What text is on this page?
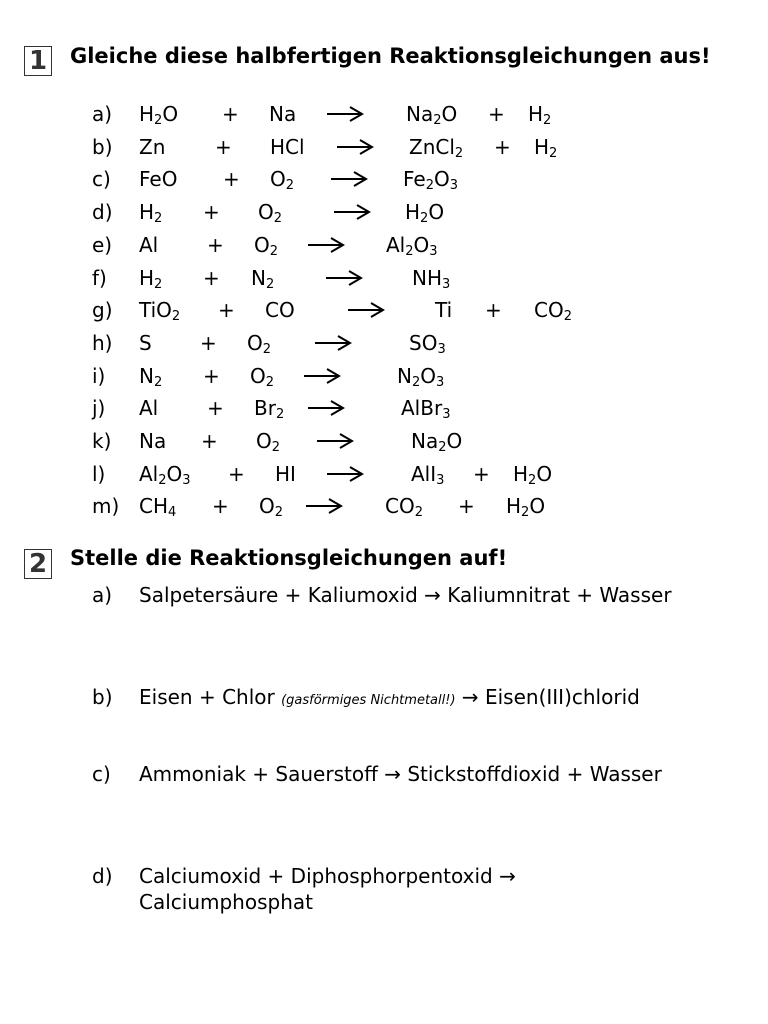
1 Gleiche diese halbfertigen Reaktionsgleichungen aus!
a) $H_2O + Na \to Na_2O + H_2$
b) Zn + HCl	ZnCl$_2$ + $H_2$
c) FeO + $O_2$	$Fe_2O_3$
d) $H_2 + O_2$	$H_2O$
e) $Al + O_2 \to Al_2O_3$
f) $H_2 + N_2$	$NH_3$
g) TiO$_2$ + CO	$Ti + CO_2$
h) $S + O_2$	$SO_3$
i) $N_2 + O_2$ →	$N_2O_3$
j) $Al + Br_2$ →	AlBr$_3$
k) $Na + O_2$	$Na_2O$
l) $Al_2O_3$ + HI	$AlI_3 + H_2O$
m) $CH_4 + O_2 \to CO_2 + H_2O$
2 Stelle die Reaktionsgleichungen auf!
a) Salpetersäure + Kaliumoxid → Kaliumnitrat + Wasser
b) Eisen + Chlor (gasförmiges Nichtmetall!) → Eisen(III)chlorid
c) Ammoniak + Sauerstoff → Stickstoffdioxid + Wasser
d) Calciumoxid + Diphosphorpentoxid → Calciumphosphat
